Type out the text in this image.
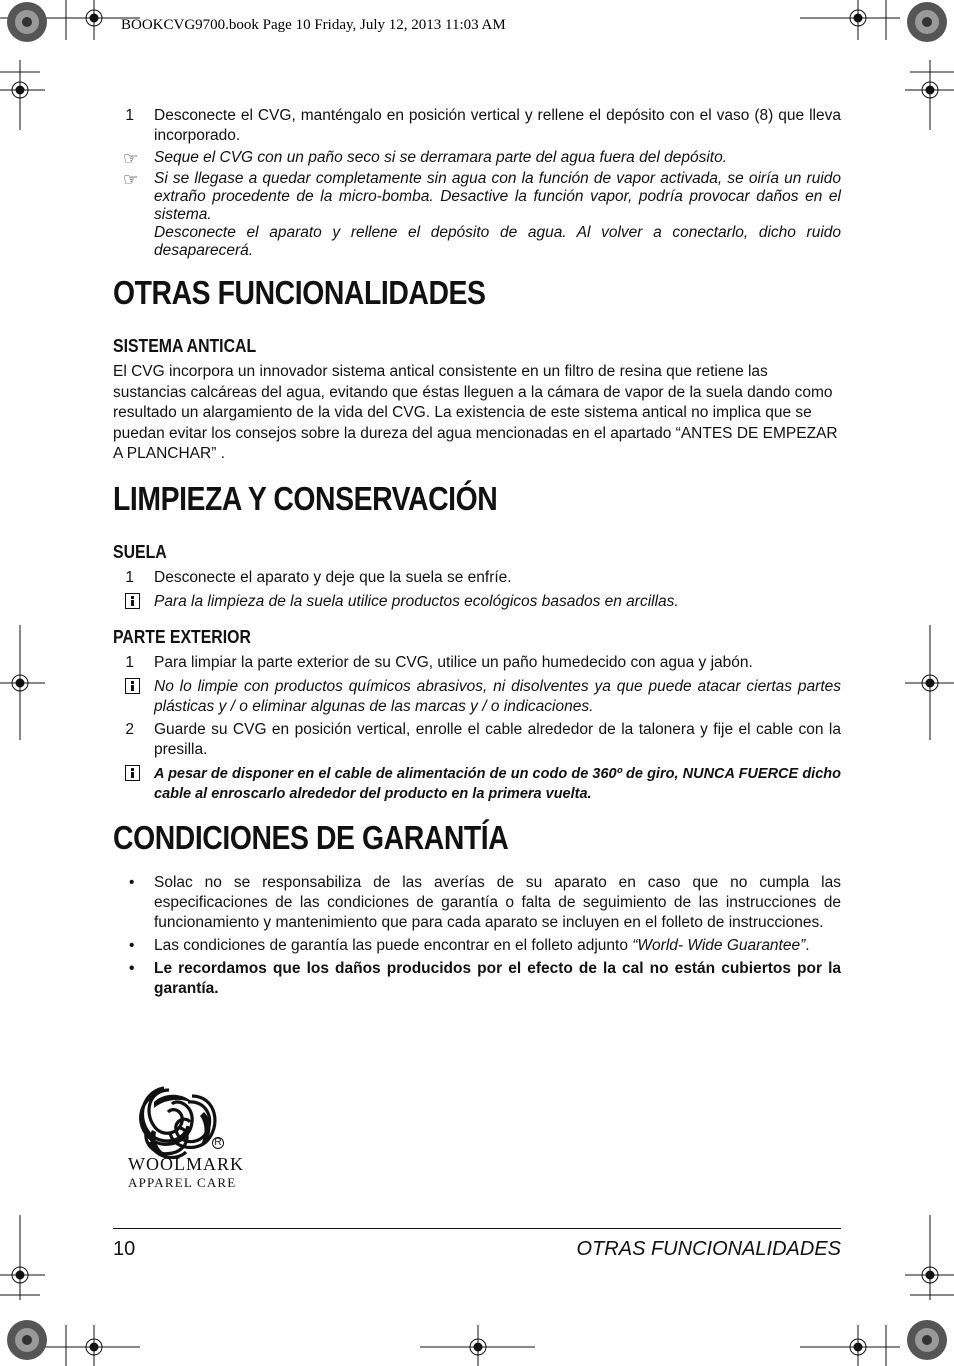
BOOKCVG9700.book Page 10 Friday, July 12, 2013 11:03 AM
1	Desconecte el CVG, manténgalo en posición vertical y rellene el depósito con el vaso (8) que lleva incorporado.
☞ Seque el CVG con un paño seco si se derramara parte del agua fuera del depósito.
☞ Si se llegase a quedar completamente sin agua con la función de vapor activada, se oiría un ruido extraño procedente de la micro-bomba. Desactive la función vapor, podría provocar daños en el sistema.
Desconecte el aparato y rellene el depósito de agua. Al volver a conectarlo, dicho ruido desaparecerá.
OTRAS FUNCIONALIDADES
SISTEMA ANTICAL
El CVG incorpora un innovador sistema antical consistente en un filtro de resina que retiene las sustancias calcáreas del agua, evitando que éstas lleguen a la cámara de vapor de la suela dando como resultado un alargamiento de la vida del CVG. La existencia de este sistema antical no implica que se puedan evitar los consejos sobre la dureza del agua mencionadas en el apartado “ANTES DE EMPEZAR A PLANCHAR” .
LIMPIEZA Y CONSERVACIÓN
SUELA
1	Desconecte el aparato y deje que la suela se enfríe.
Para la limpieza de la suela utilice productos ecológicos basados en arcillas.
PARTE EXTERIOR
1	Para limpiar la parte exterior de su CVG, utilice un paño humedecido con agua y jabón.
No lo limpie con productos químicos abrasivos, ni disolventes ya que puede atacar ciertas partes plásticas y / o eliminar algunas de las marcas y / o indicaciones.
2	Guarde su CVG en posición vertical, enrolle el cable alrededor de la talonera y fije el cable con la presilla.
A pesar de disponer en el cable de alimentación de un codo de 360º de giro, NUNCA FUERCE dicho cable al enroscarlo alrededor del producto en la primera vuelta.
CONDICIONES DE GARANTÍA
• Solac no se responsabiliza de las averías de su aparato en caso que no cumpla las especificaciones de las condiciones de garantía o falta de seguimiento de las instrucciones de funcionamiento y mantenimiento que para cada aparato se incluyen en el folleto de instrucciones.
• Las condiciones de garantía las puede encontrar en el folleto adjunto “World- Wide Guarantee”.
• Le recordamos que los daños producidos por el efecto de la cal no están cubiertos por la garantía.
R
WOOLMARK
APPAREL CARE
10	OTRAS FUNCIONALIDADES
